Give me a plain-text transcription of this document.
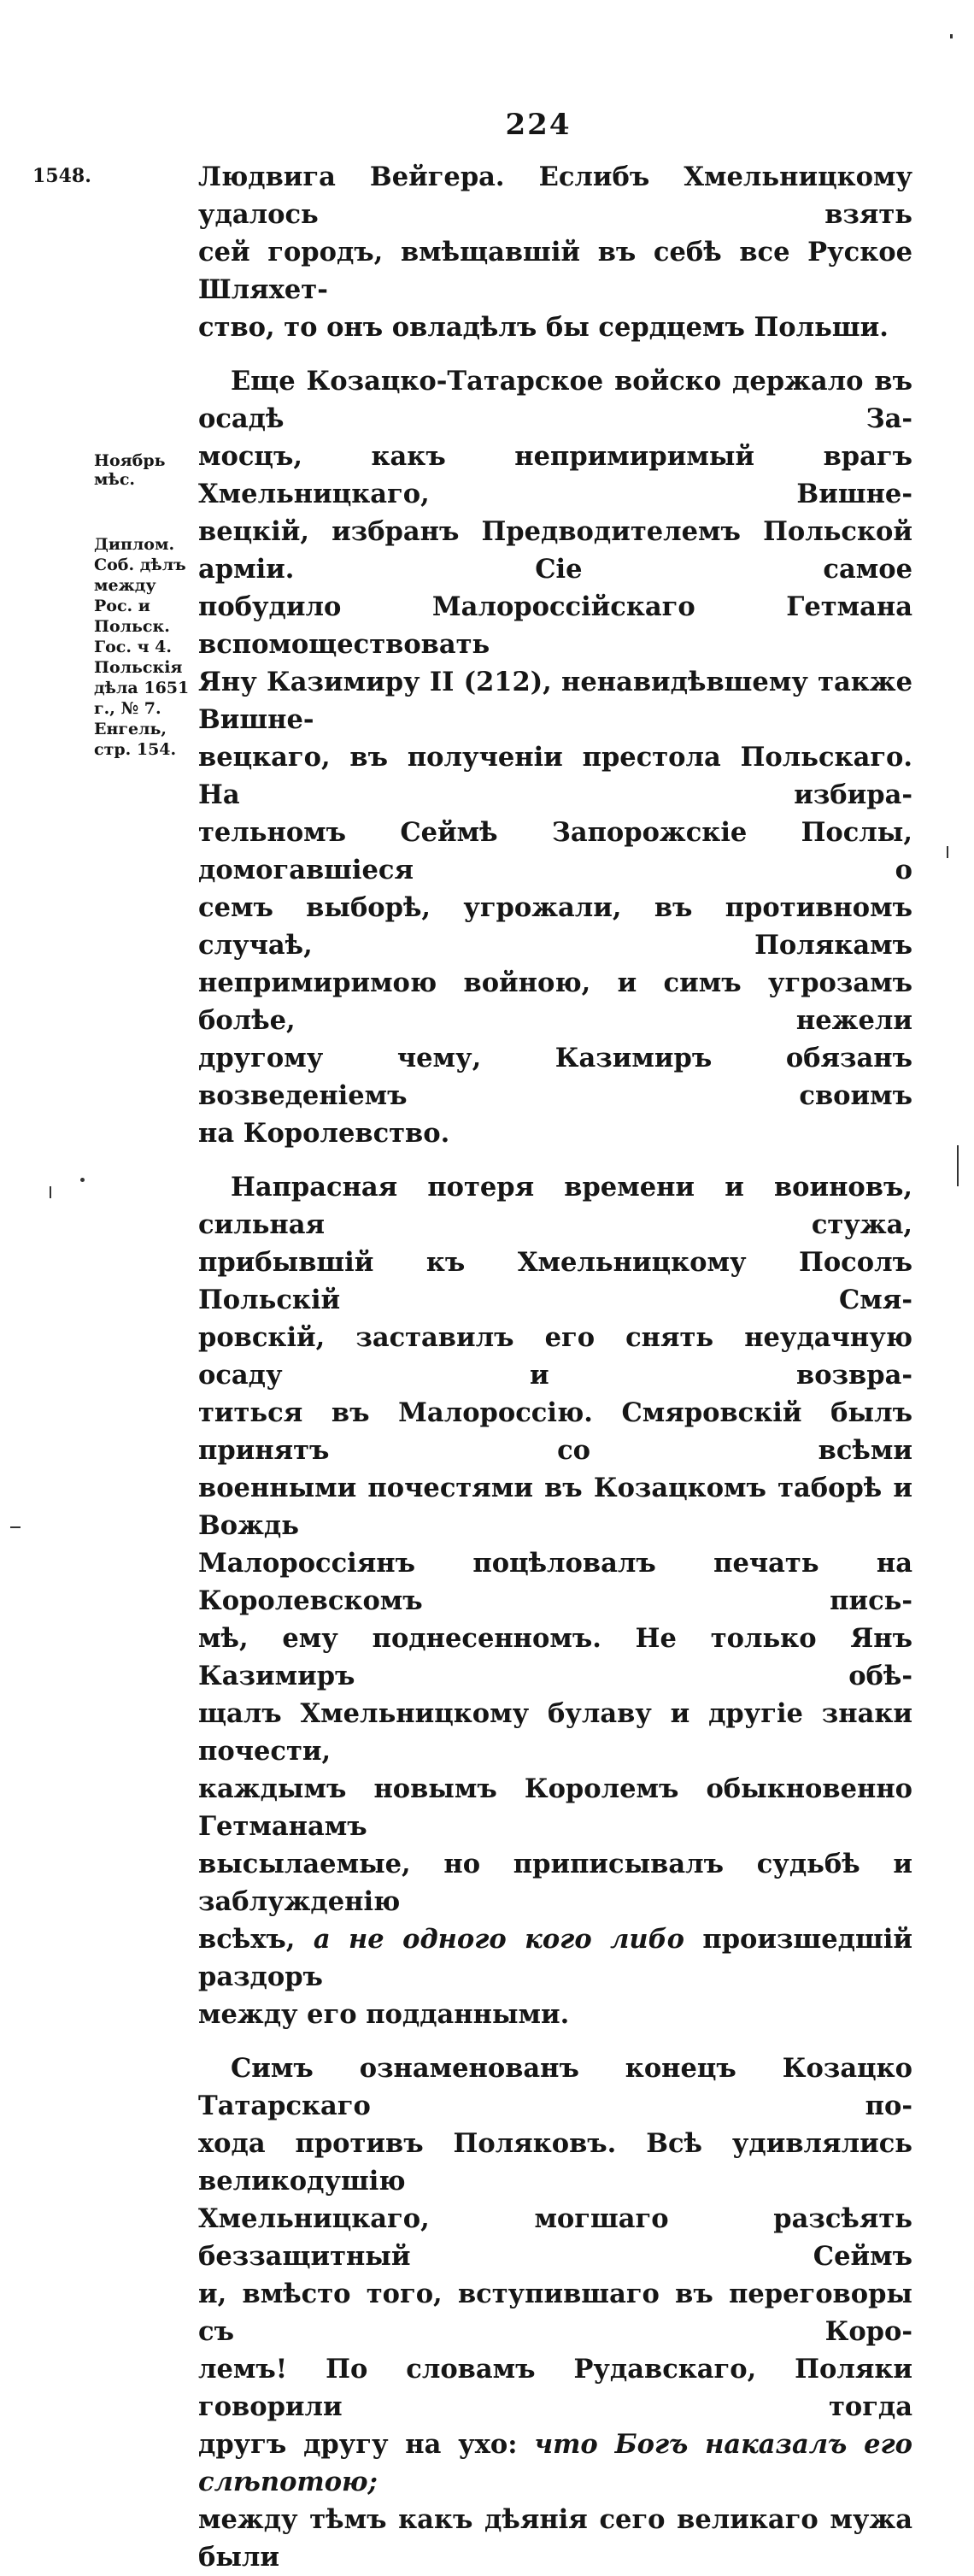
224
1548.
Ноябрь
мѣс.
Диплом.
Соб. дѣлъ
между
Рос. и
Польск.
Гос. ч 4.
Польскія
дѣла 1651
г., № 7.
Енгель,
стр. 154.

Людвига Вейгера. Еслибъ Хмельницкому удалось взять
сей городъ, вмѣщавшій въ себѣ все Руское Шляхет-
ство, то онъ овладѣлъ бы сердцемъ Польши.

Еще Козацко-Татарское войско держало въ осадѣ За-
мосцъ, какъ непримиримый врагъ Хмельницкаго, Вишне-
вецкій, избранъ Предводителемъ Польской арміи. Сіе самое
побудило Малороссійскаго Гетмана вспомоществовать
Яну Казимиру II (212), ненавидѣвшему также Вишне-
вецкаго, въ полученіи престола Польскаго. На избира-
тельномъ Сеймѣ Запорожскіе Послы, домогавшіеся о
семъ выборѣ, угрожали, въ противномъ случаѣ, Полякамъ
непримиримою войною, и симъ угрозамъ болѣе, нежели
другому чему, Казимиръ обязанъ возведеніемъ своимъ
на Королевство.

Напрасная потеря времени и воиновъ, сильная стужа,
прибывшій къ Хмельницкому Посолъ Польскій Смя-
ровскій, заставилъ его снять неудачную осаду и возвра-
титься въ Малороссію. Смяровскій былъ принятъ со всѣми
военными почестями въ Козацкомъ таборѣ и Вождь
Малороссіянъ поцѣловалъ печать на Королевскомъ пись-
мѣ, ему поднесенномъ. Не только Янъ Казимиръ обѣ-
щалъ Хмельницкому булаву и другіе знаки почести,
каждымъ новымъ Королемъ обыкновенно Гетманамъ
высылаемые, но приписывалъ судьбѣ и заблужденію
всѣхъ, а не одного кого либо произшедшій раздоръ
между его подданными.

Симъ ознаменованъ конецъ Козацко Татарскаго по-
хода противъ Поляковъ. Всѣ удивлялись великодушію
Хмельницкаго, могшаго разсѣять беззащитный Сеймъ
и, вмѣсто того, вступившаго въ переговоры съ Коро-
лемъ! По словамъ Рудавскаго, Поляки говорили тогда
другъ другу на ухо: что Богъ наказалъ его слѣпотою;
между тѣмъ какъ дѣянія сего великаго мужа были
